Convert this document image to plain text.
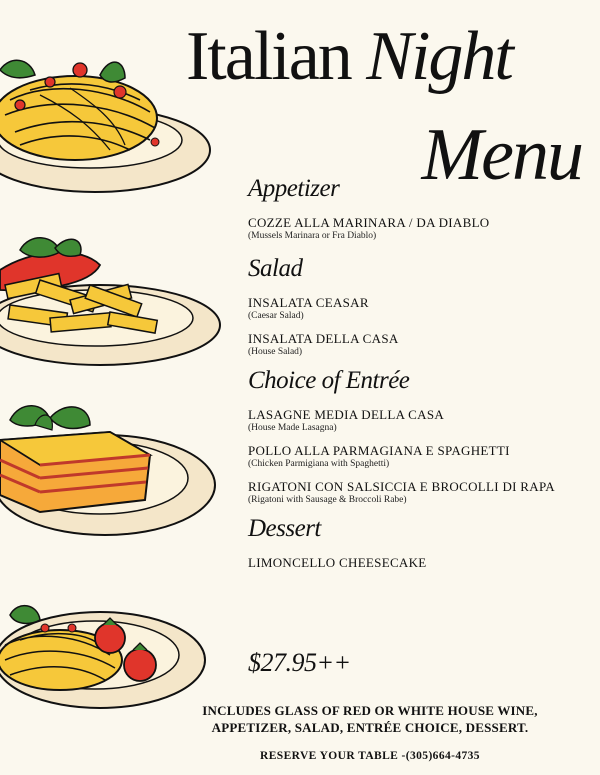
Italian Night
Menu
Appetizer
COZZE ALLA MARINARA / DA DIABLO
(Mussels Marinara or Fra Diablo)
Salad
INSALATA CEASAR
(Caesar Salad)
INSALATA DELLA CASA
(House Salad)
Choice of Entrée
LASAGNE MEDIA DELLA CASA
(House Made Lasagna)
POLLO ALLA PARMAGIANA E SPAGHETTI
(Chicken Parmigiana with Spaghetti)
RIGATONI CON SALSICCIA E BROCOLLI DI RAPA
(Rigatoni with Sausage & Broccoli Rabe)
Dessert
LIMONCELLO CHEESECAKE
$27.95++
INCLUDES GLASS OF RED OR WHITE HOUSE WINE,
APPETIZER, SALAD, ENTRÉE CHOICE, DESSERT.
RESERVE YOUR TABLE -(305)664-4735
